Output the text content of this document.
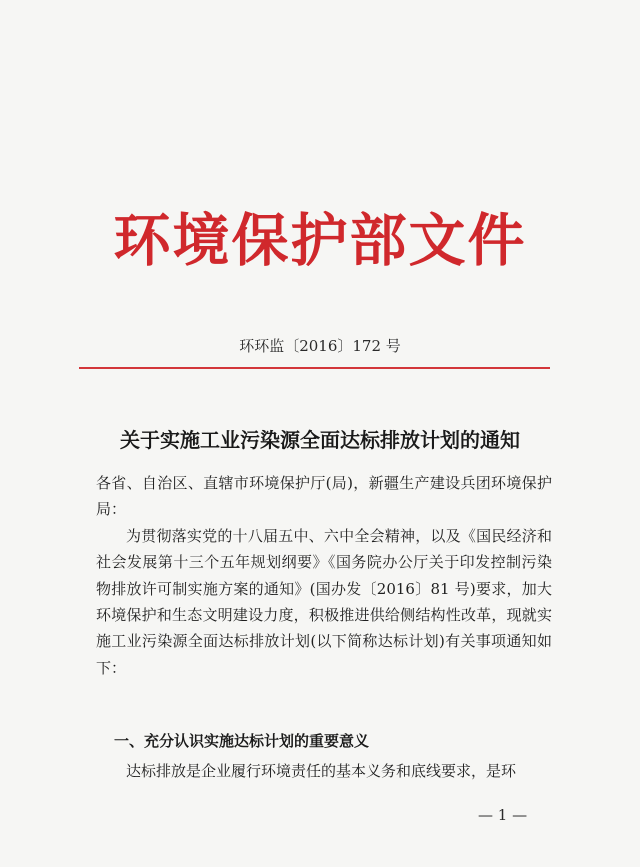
环境保护部文件
环环监〔2016〕172 号
关于实施工业污染源全面达标排放计划的通知

各省、自治区、直辖市环境保护厅(局)，新疆生产建设兵团环境保护局：

为贯彻落实党的十八届五中、六中全会精神，以及《国民经济和社会发展第十三个五年规划纲要》《国务院办公厅关于印发控制污染物排放许可制实施方案的通知》(国办发〔2016〕81 号)要求，加大环境保护和生态文明建设力度，积极推进供给侧结构性改革，现就实施工业污染源全面达标排放计划(以下简称达标计划)有关事项通知如下：

一、充分认识实施达标计划的重要意义

达标排放是企业履行环境责任的基本义务和底线要求，是环

— 1 —
